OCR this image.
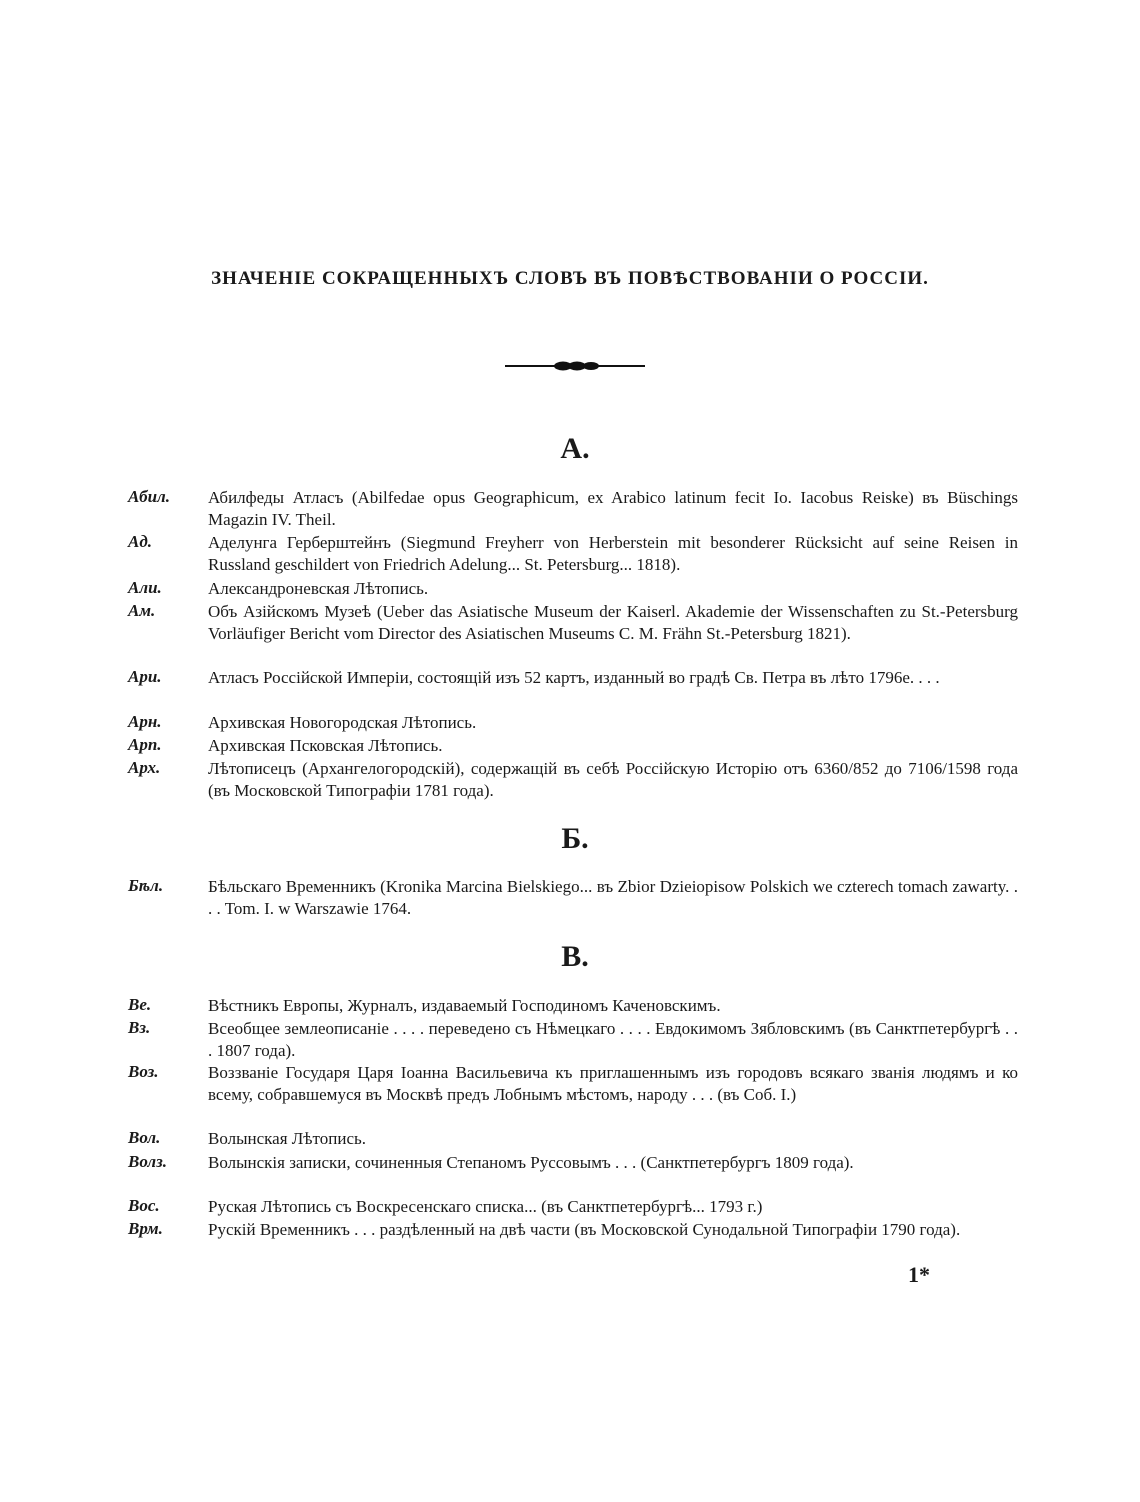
ЗНАЧЕНІЕ СОКРАЩЕННЫХЪ СЛОВЪ ВЪ ПОВѢСТВОВАНІИ О РОССІИ.
А.
Абил.	Абилфеды Атласъ (Abilfedae opus Geographicum, ex Arabico latinum fecit Io. Iacobus Reiske) въ Büschings Magazin IV. Theil.
Ад.	Аделунга Герберштейнъ (Siegmund Freyherr von Herberstein mit besonderer Rücksicht auf seine Reisen in Russland geschildert von Friedrich Adelung... St. Petersburg... 1818).
Али.	Александроневская Лѣтопись.
Ам.	Объ Азійскомъ Музеѣ (Ueber das Asiatische Museum der Kaiserl. Akademie der Wissenschaften zu St.-Petersburg Vorläufiger Bericht vom Director des Asiatischen Museums C. M. Frähn St.-Petersburg 1821).
Ари.	Атласъ Россійской Имперіи, состоящій изъ 52 картъ, изданный во градѣ Св. Петра въ лѣто 1796е. . . .
Арн.	Архивская Новогородская Лѣтопись.
Арп.	Архивская Псковская Лѣтопись.
Арх.	Лѣтописецъ (Архангелогородскій), содержащій въ себѣ Россійскую Исторію отъ 6360/852 до 7106/1598 года (въ Московской Типографіи 1781 года).
Б.
Бѣл.	Бѣльскаго Временникъ (Kronika Marcina Bielskiego... въ Zbior Dzieiopisow Polskich we czterech tomach zawarty. . . . Tom. I. w Warszawie 1764.
В.
Ве.	Вѣстникъ Европы, Журналъ, издаваемый Господиномъ Каченовскимъ.
Вз.	Всеобщее землеописаніе . . . . переведено съ Нѣмецкаго . . . . Евдокимомъ Зябловскимъ (въ Санктпетербургѣ . . . 1807 года).
Воз.	Воззваніе Государя Царя Іоанна Васильевича къ приглашеннымъ изъ городовъ всякаго званія людямъ и ко всему, собравшемуся въ Москвѣ предъ Лобнымъ мѣстомъ, народу . . . (въ Соб. I.)
Вол.	Волынская Лѣтопись.
Волз.	Волынскія записки, сочиненныя Степаномъ Руссовымъ . . . (Санктпетербургъ 1809 года).
Вос.	Руская Лѣтопись съ Воскресенскаго списка... (въ Санктпетербургѣ... 1793 г.)
Врм.	Рускій Временникъ . . . раздѣленный на двѣ части (въ Московской Сунодальной Типографіи 1790 года).
1*
